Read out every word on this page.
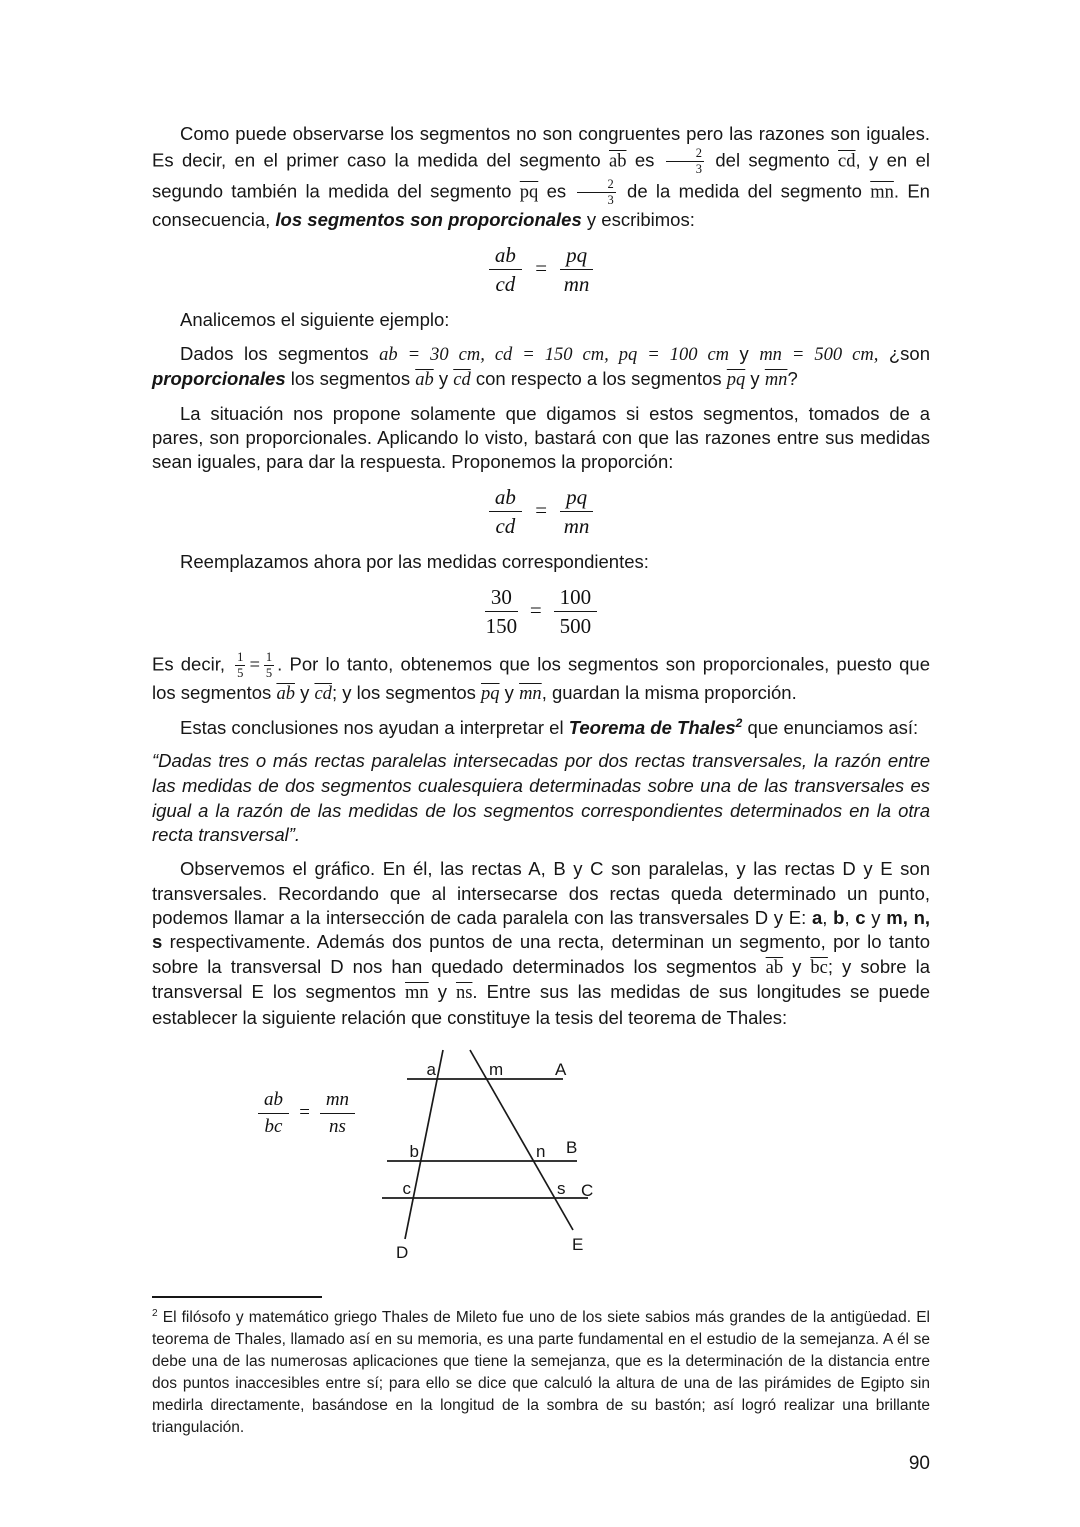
Como puede observarse los segmentos no son congruentes pero las razones son iguales. Es decir, en el primer caso la medida del segmento $\overline{ab}$ es $\frac{2}{3}$ del segmento $\overline{cd}$, y en el segundo también la medida del segmento $\overline{pq}$ es $\frac{2}{3}$ de la medida del segmento $\overline{mn}$. En consecuencia, los segmentos son proporcionales y escribimos:

$\frac{ab}{cd} = \frac{pq}{mn}$

Analicemos el siguiente ejemplo:

Dados los segmentos ab = 30 cm, cd = 150 cm, pq = 100 cm y mn = 500 cm, ¿son proporcionales los segmentos $\overline{ab}$ y $\overline{cd}$ con respecto a los segmentos $\overline{pq}$ y $\overline{mn}$?

La situación nos propone solamente que digamos si estos segmentos, tomados de a pares, son proporcionales. Aplicando lo visto, bastará con que las razones entre sus medidas sean iguales, para dar la respuesta. Proponemos la proporción:

$\frac{ab}{cd} = \frac{pq}{mn}$

Reemplazamos ahora por las medidas correspondientes:

$\frac{30}{150} = \frac{100}{500}$

Es decir, $\frac{1}{5} = \frac{1}{5}$ . Por lo tanto, obtenemos que los segmentos son proporcionales, puesto que los segmentos $\overline{ab}$ y $\overline{cd}$; y los segmentos $\overline{pq}$ y $\overline{mn}$, guardan la misma proporción.

Estas conclusiones nos ayudan a interpretar el Teorema de Thales$^2$ que enunciamos así:

“Dadas tres o más rectas paralelas intersecadas por dos rectas transversales, la razón entre las medidas de dos segmentos cualesquiera determinadas sobre una de las transversales es igual a la razón de las medidas de los segmentos correspondientes determinados en la otra recta transversal”.

Observemos el gráfico. En él, las rectas A, B y C son paralelas, y las rectas D y E son transversales. Recordando que al intersecarse dos rectas queda determinado un punto, podemos llamar a la intersección de cada paralela con las transversales D y E: a, b, c y m, n, s respectivamente. Además dos puntos de una recta, determinan un segmento, por lo tanto sobre la transversal D nos han quedado determinados los segmentos $\overline{ab}$ y $\overline{bc}$; y sobre la transversal E los segmentos $\overline{mn}$ y $\overline{ns}$. Entre sus las medidas de sus longitudes se puede establecer la siguiente relación que constituye la tesis del teorema de Thales:

$\frac{ab}{bc} = \frac{mn}{ns}$
a	m	A
b	n B
c	s C
D	E

$^2$ El filósofo y matemático griego Thales de Mileto fue uno de los siete sabios más grandes de la antigüedad. El teorema de Thales, llamado así en su memoria, es una parte fundamental en el estudio de la semejanza. A él se debe una de las numerosas aplicaciones que tiene la semejanza, que es la determinación de la distancia entre dos puntos inaccesibles entre sí; para ello se dice que calculó la altura de una de las pirámides de Egipto sin medirla directamente, basándose en la longitud de la sombra de su bastón; así logró realizar una brillante triangulación.

90
